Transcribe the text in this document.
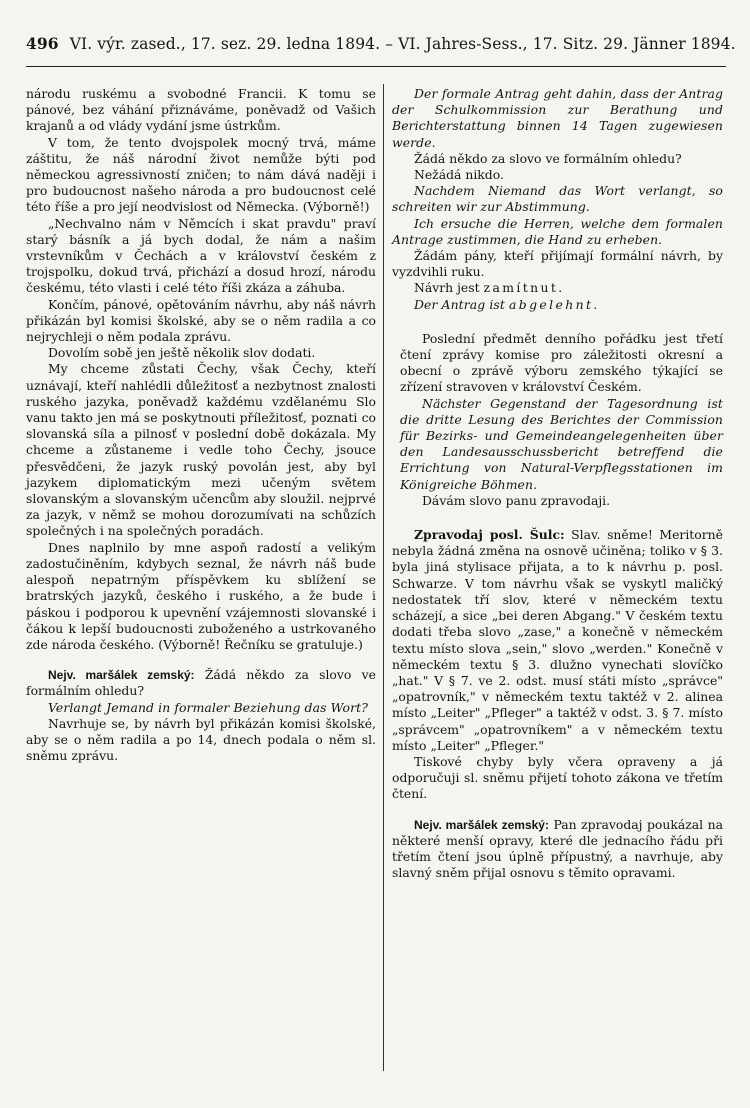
496 VI. výr. zased., 17. sez. 29. ledna 1894. – VI. Jahres-Sess., 17. Sitz. 29. Jänner 1894.

národu ruskému a svobodné Francii. K tomu se pánové, bez váhání přiznáváme, poněvadž od Vašich krajanů a od vlády vydání jsme ústrkům.

V tom, že tento dvojspolek mocný trvá, máme záštitu, že náš národní život nemůže býti pod německou agressivností zničen; to nám dává naději i pro budoucnost našeho národa a pro budoucnost celé této říše a pro její neodvislost od Německa. (Výborně!)

„Nechvalno nám v Němcích i skat pravdu" praví starý básník a já bych dodal, že nám a našim vrstevníkům v Čechách a v království českém z trojspolku, dokud trvá, přichází a dosud hrozí, národu českému, této vlasti i celé této říši zkáza a záhuba.

Končím, pánové, opětováním návrhu, aby náš návrh přikázán byl komisi školské, aby se o něm radila a co nejrychleji o něm podala zprávu.

Dovolím sobě jen ještě několik slov dodati.

My chceme zůstati Čechy, však Čechy, kteří uznávají, kteří nahlédli důležitosť a nezbytnost znalosti ruského jazyka, poněvadž každému vzdělanému Slo vanu takto jen má se poskytnouti příležitosť, poznati co slovanská síla a pilnosť v poslední době dokázala. My chceme a zůstaneme i vedle toho Čechy, jsouce přesvědčeni, že jazyk ruský povolán jest, aby byl jazykem diplomatickým mezi učeným světem slovanským a slovanským učencům aby sloužil. nejprvé za jazyk, v němž se mohou dorozumívati na schůzích společných i na společných poradách.

Dnes naplnilo by mne aspoň radostí a velikým zadostučiněním, kdybych seznal, že návrh náš bude alespoň nepatrným příspěvkem ku sblížení se bratrských jazyků, českého i ruského, a že bude i páskou i podporou k upevnění vzájemnosti slovanské i čákou k lepší budoucnosti zuboženého a ustrkovaného zde národa českého. (Výborně! Řečníku se gratuluje.)

Nejv. maršálek zemský: Žádá někdo za slovo ve formálním ohledu?

Verlangt Jemand in formaler Beziehung das Wort?

Navrhuje se, by návrh byl přikázán komisi školské, aby se o něm radila a po 14, dnech podala o něm sl. sněmu zprávu.

Der formale Antrag geht dahin, dass der Antrag der Schulkommission zur Berathung und Berichterstattung binnen 14 Tagen zugewiesen werde.

Žádá někdo za slovo ve formálním ohledu?

Nežádá nikdo.

Nachdem Niemand das Wort verlangt, so schreiten wir zur Abstimmung.

Ich ersuche die Herren, welche dem formalen Antrage zustimmen, die Hand zu erheben.

Žádám pány, kteří přijímají formální návrh, by vyzdvihli ruku.

Návrh jest zamítnut.

Der Antrag ist abgelehnt.

Poslední předmět denního pořádku jest třetí čtení zprávy komise pro záležitosti okresní a obecní o zprávě výboru zemského týkající se zřízení stravoven v království Českém.

Nächster Gegenstand der Tagesordnung ist die dritte Lesung des Berichtes der Commission für Bezirks- und Gemeindeangelegenheiten über den Landesausschussbericht betreffend die Errichtung von Natural-Verpflegsstationen im Königreiche Böhmen.

Dávám slovo panu zpravodaji.

Zpravodaj posl. Šulc: Slav. sněme! Meritorně nebyla žádná změna na osnově učiněna; toliko v § 3. byla jiná stylisace přijata, a to k návrhu p. posl. Schwarze. V tom návrhu však se vyskytl maličký nedostatek tří slov, které v německém textu scházejí, a sice „bei deren Abgang." V českém textu dodati třeba slovo „zase," a konečně v německém textu místo slova „sein," slovo „werden." Konečně v německém textu § 3. dlužno vynechati slovíčko „hat." V § 7. ve 2. odst. musí státi místo „správce" „opatrovník," v německém textu taktéž v 2. alinea místo „Leiter" „Pfleger" a taktéž v odst. 3. § 7. místo „správcem" „opatrovníkem" a v německém textu místo „Leiter" „Pfleger."

Tiskové chyby byly včera opraveny a já odporučuji sl. sněmu přijetí tohoto zákona ve třetím čtení.

Nejv. maršálek zemský: Pan zpravodaj poukázal na některé menší opravy, které dle jednacího řádu při třetím čtení jsou úplně přípustný, a navrhuje, aby slavný sněm přijal osnovu s těmito opravami.
